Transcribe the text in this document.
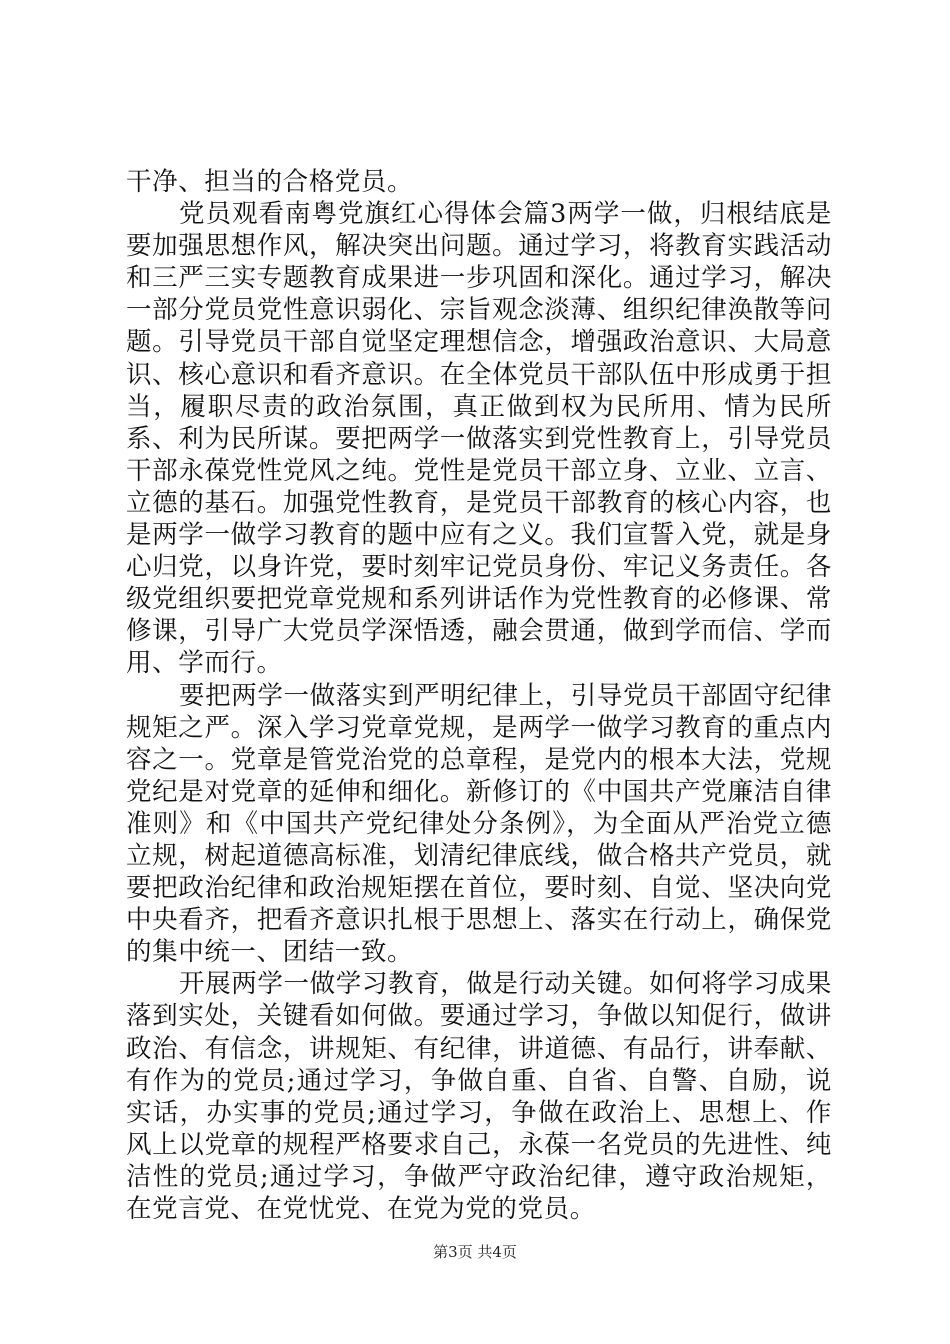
干净、担当的合格党员。

党员观看南粤党旗红心得体会篇3两学一做，归根结底是要加强思想作风，解决突出问题。通过学习，将教育实践活动和三严三实专题教育成果进一步巩固和深化。通过学习，解决一部分党员党性意识弱化、宗旨观念淡薄、组织纪律涣散等问题。引导党员干部自觉坚定理想信念，增强政治意识、大局意识、核心意识和看齐意识。在全体党员干部队伍中形成勇于担当，履职尽责的政治氛围，真正做到权为民所用、情为民所系、利为民所谋。要把两学一做落实到党性教育上，引导党员干部永葆党性党风之纯。党性是党员干部立身、立业、立言、立德的基石。加强党性教育，是党员干部教育的核心内容，也是两学一做学习教育的题中应有之义。我们宣誓入党，就是身心归党，以身许党，要时刻牢记党员身份、牢记义务责任。各级党组织要把党章党规和系列讲话作为党性教育的必修课、常修课，引导广大党员学深悟透，融会贯通，做到学而信、学而用、学而行。

要把两学一做落实到严明纪律上，引导党员干部固守纪律规矩之严。深入学习党章党规，是两学一做学习教育的重点内容之一。党章是管党治党的总章程，是党内的根本大法，党规党纪是对党章的延伸和细化。新修订的《中国共产党廉洁自律准则》和《中国共产党纪律处分条例》，为全面从严治党立德立规，树起道德高标准，划清纪律底线，做合格共产党员，就要把政治纪律和政治规矩摆在首位，要时刻、自觉、坚决向党中央看齐，把看齐意识扎根于思想上、落实在行动上，确保党的集中统一、团结一致。

开展两学一做学习教育，做是行动关键。如何将学习成果落到实处，关键看如何做。要通过学习，争做以知促行，做讲政治、有信念，讲规矩、有纪律，讲道德、有品行，讲奉献、有作为的党员;通过学习，争做自重、自省、自警、自励，说实话，办实事的党员;通过学习，争做在政治上、思想上、作风上以党章的规程严格要求自己，永葆一名党员的先进性、纯洁性的党员;通过学习，争做严守政治纪律，遵守政治规矩，在党言党、在党忧党、在党为党的党员。

第3页 共4页
